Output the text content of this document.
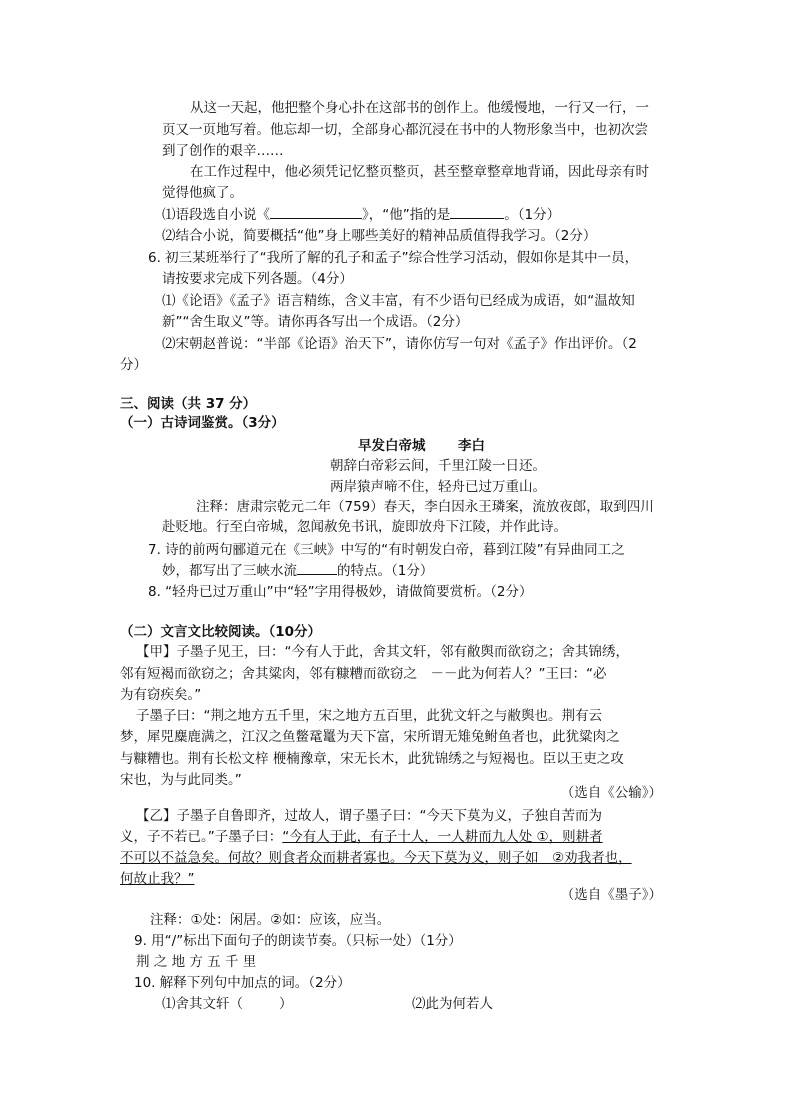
从这一天起，他把整个身心扑在这部书的创作上。他缓慢地，一行又一行，一
页又一页地写着。他忘却一切，全部身心都沉浸在书中的人物形象当中，也初次尝
到了创作的艰辛……
在工作过程中，他必须凭记忆整页整页，甚至整章整章地背诵，因此母亲有时
觉得他疯了。
⑴语段选自小说《	》，“他”指的是	。（1分）
⑵结合小说，简要概括“他”身上哪些美好的精神品质值得我学习。（2分）
6. 初三某班举行了“我所了解的孔子和孟子”综合性学习活动，假如你是其中一员，
请按要求完成下列各题。（4分）
⑴《论语》《孟子》语言精练，含义丰富，有不少语句已经成为成语，如“温故知
新”“舍生取义”等。请你再各写出一个成语。（2分）
⑵宋朝赵普说：“半部《论语》治天下”，请你仿写一句对《孟子》作出评价。（2
分）
三、阅读（共 37 分）
（一）古诗词鉴赏。（3分）
早发白帝城 李白
朝辞白帝彩云间，千里江陵一日还。
两岸猿声啼不住，轻舟已过万重山。
注释：唐肃宗乾元二年（759）春天，李白因永王璘案，流放夜郎，取到四川
赴贬地。行至白帝城，忽闻赦免书讯，旋即放舟下江陵，并作此诗。
7. 诗的前两句郦道元在《三峡》中写的“有时朝发白帝，暮到江陵”有异曲同工之
妙，都写出了三峡水流	的特点。（1分）
8. “轻舟已过万重山”中“轻”字用得极妙，请做简要赏析。（2分）
（二）文言文比较阅读。（10分）
【甲】子墨子见王，曰：“今有人于此，舍其文轩，邻有敝舆而欲窃之；舍其锦绣，
邻有短褐而欲窃之；舍其粱肉，邻有糠糟而欲窃之　－－此为何若人？”王曰：“必
为有窃疾矣。”
子墨子曰：“荆之地方五千里，宋之地方五百里，此犹文轩之与敝舆也。荆有云
梦，犀兕麋鹿满之，江汉之鱼鳖鼋鼍为天下富，宋所谓无雉兔鲋鱼者也，此犹粱肉之
与糠糟也。荆有长松文梓 楩楠豫章，宋无长木，此犹锦绣之与短褐也。臣以王吏之攻
宋也，为与此同类。”
（选自《公输》）
【乙】子墨子自鲁即齐，过故人，谓子墨子曰：“今天下莫为义，子独自苦而为
义，子不若已。”子墨子曰：“今有人于此，有子十人，一人耕而九人处 ①，则耕者
不可以不益急矣。何故？则食者众而耕者寡也。今天下莫为义，则子如　②劝我者也，
何故止我？”
（选自《墨子》）
注释：①处：闲居。②如：应该，应当。
9. 用“/”标出下面句子的朗读节奏。（只标一处）（1分）
荆 之 地 方 五 千 里
10. 解释下列句中加点的词。（2分）
⑴舍其文轩（	）	⑵此为何若人
